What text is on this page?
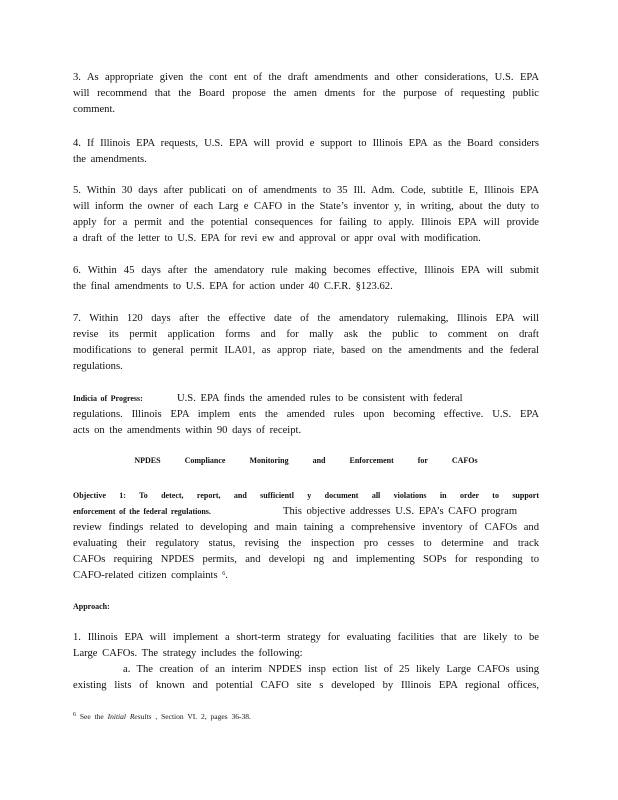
3. As appropriate given the cont ent of the draft amendments and other considerations, U.S. EPA
will recommend that the Board propose the amen dments for the purpose of requesting public
comment.
4. If Illinois EPA requests, U.S. EPA will provid e support to Illinois EPA as the Board considers
the amendments.
5. Within 30 days after publicati on of amendments to 35 Ill. Adm. Code, subtitle E, Illinois EPA
will inform the owner of each Larg e CAFO in the State’s inventor y, in writing, about the duty to
apply for a permit and the potential consequences for failing to apply. Illinois EPA will provide
a draft of the letter to U.S. EPA for revi ew and approval or appr oval with modification.
6. Within 45 days after the amendatory rule making becomes effective, Illinois EPA will submit
the final amendments to U.S. EPA for action under 40 C.F.R. §123.62.
7. Within 120 days after the effective date of the amendatory rulemaking, Illinois EPA will
revise its permit application forms and for mally ask the public to comment on draft
modifications to general permit ILA01, as approp riate, based on the amendments and the federal
regulations.
Indicia of Progress:	U.S. EPA finds the amended rules to be consistent with federal
regulations. Illinois EPA implem ents the amended rules upon becoming effective. U.S. EPA
acts on the amendments within 90 days of receipt.
NPDES Compliance Monitoring and Enforcement for CAFOs
Objective 1: To detect, report, and sufficientl y document all violations in order to support
enforcement of the federal regulations.	This objective addresses U.S. EPA’s CAFO program
review findings related to developing and main taining a comprehensive inventory of CAFOs and
evaluating their regulatory status, revising the inspection pro cesses to determine and track
CAFOs requiring NPDES permits, and developi ng and implementing SOPs for responding to
CAFO-related citizen complaints $^6$.
Approach:
1. Illinois EPA will implement a short-term strategy for evaluating facilities that are likely to be
Large CAFOs. The strategy includes the following:
a. The creation of an interim NPDES insp ection list of 25 likely Large CAFOs using
existing lists of known and potential CAFO site s developed by Illinois EPA regional offices,
$^6$ See the Initial Results , Section VI. 2, pages 36-38.
